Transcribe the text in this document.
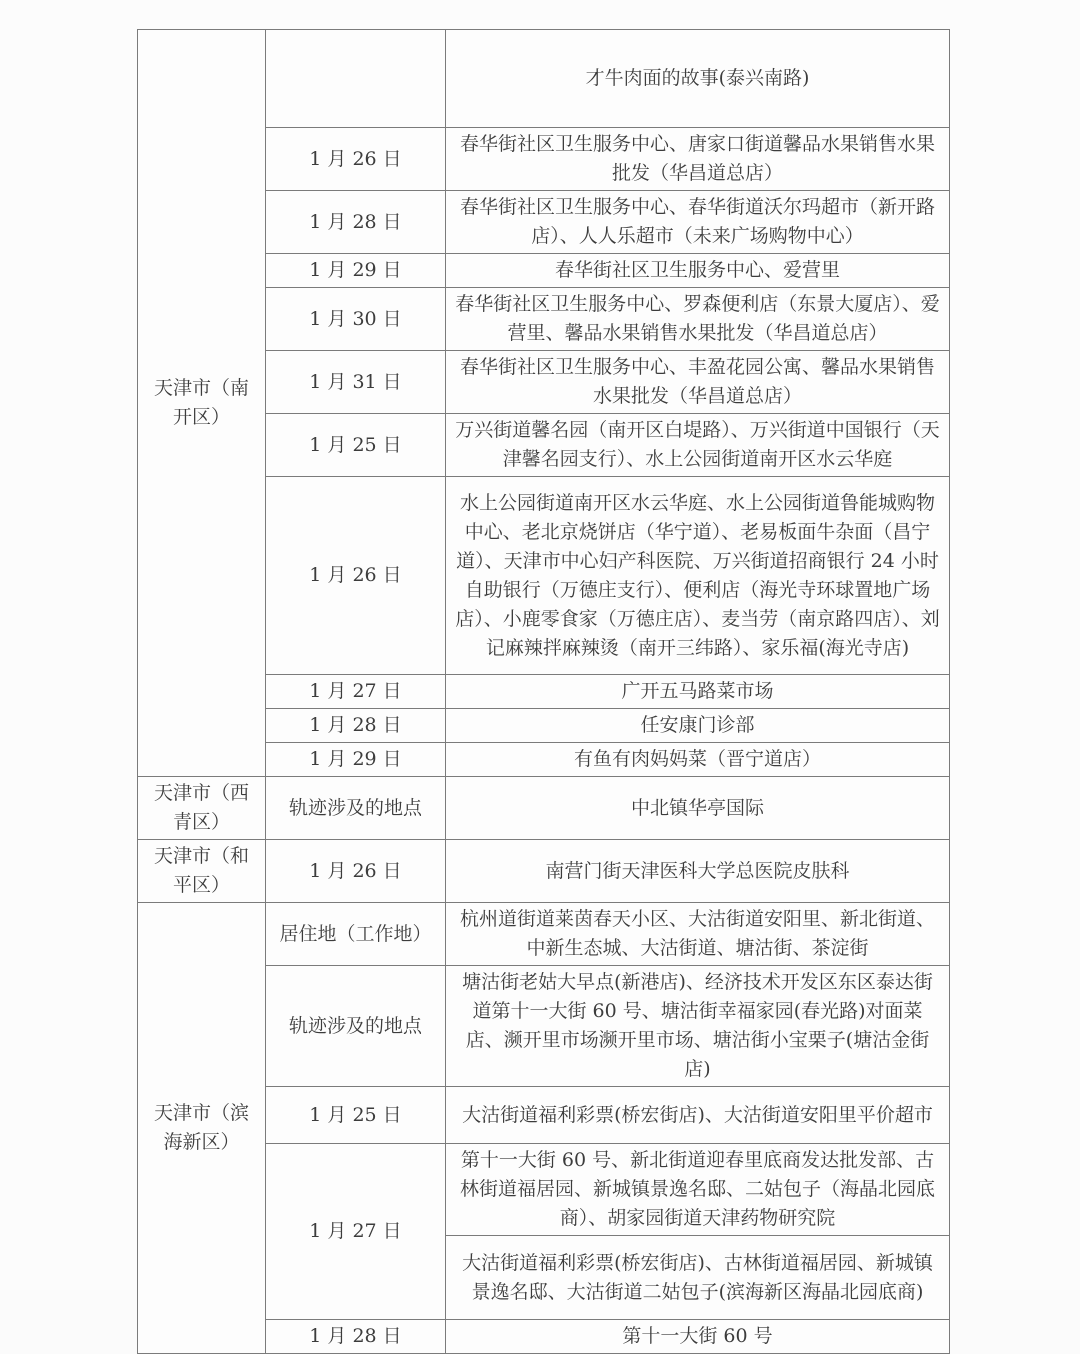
天津市（南开区）		才牛肉面的故事(泰兴南路)
	1 月 26 日	春华街社区卫生服务中心、唐家口街道馨品水果销售水果批发（华昌道总店）
	1 月 28 日	春华街社区卫生服务中心、春华街道沃尔玛超市（新开路店）、人人乐超市（未来广场购物中心）
	1 月 29 日	春华街社区卫生服务中心、爱营里
	1 月 30 日	春华街社区卫生服务中心、罗森便利店（东景大厦店）、爱营里、馨品水果销售水果批发（华昌道总店）
	1 月 31 日	春华街社区卫生服务中心、丰盈花园公寓、馨品水果销售水果批发（华昌道总店）
	1 月 25 日	万兴街道馨名园（南开区白堤路）、万兴街道中国银行（天津馨名园支行）、水上公园街道南开区水云华庭
	1 月 26 日	水上公园街道南开区水云华庭、水上公园街道鲁能城购物中心、老北京烧饼店（华宁道）、老易板面牛杂面（昌宁道）、天津市中心妇产科医院、万兴街道招商银行 24 小时自助银行（万德庄支行）、便利店（海光寺环球置地广场店）、小鹿零食家（万德庄店）、麦当劳（南京路四店）、刘记麻辣拌麻辣烫（南开三纬路）、家乐福(海光寺店)
	1 月 27 日	广开五马路菜市场
	1 月 28 日	任安康门诊部
	1 月 29 日	有鱼有肉妈妈菜（晋宁道店）
天津市（西青区）	轨迹涉及的地点	中北镇华亭国际
天津市（和平区）	1 月 26 日	南营门街天津医科大学总医院皮肤科
天津市（滨海新区）	居住地（工作地）	杭州道街道莱茵春天小区、大沽街道安阳里、新北街道、中新生态城、大沽街道、塘沽街、茶淀街
	轨迹涉及的地点	塘沽街老姑大早点(新港店)、经济技术开发区东区泰达街道第十一大街 60 号、塘沽街幸福家园(春光路)对面菜店、濒开里市场濒开里市场、塘沽街小宝栗子(塘沽金街店)
	1 月 25 日	大沽街道福利彩票(桥宏街店)、大沽街道安阳里平价超市
	1 月 27 日	第十一大街 60 号、新北街道迎春里底商发达批发部、古林街道福居园、新城镇景逸名邸、二姑包子（海晶北园底商）、胡家园街道天津药物研究院
		大沽街道福利彩票(桥宏街店)、古林街道福居园、新城镇景逸名邸、大沽街道二姑包子(滨海新区海晶北园底商)
	1 月 28 日	第十一大街 60 号
